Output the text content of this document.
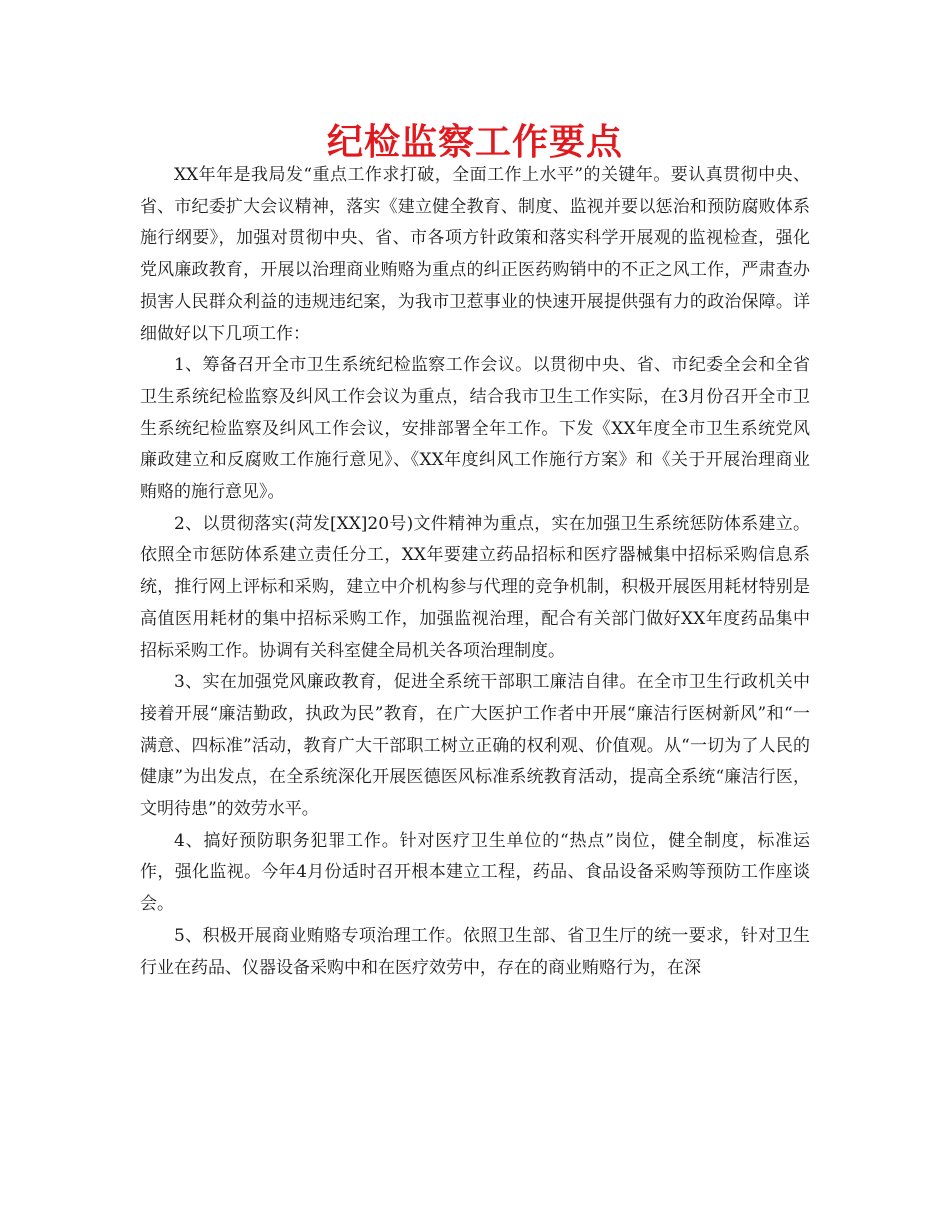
纪检监察工作要点

XX年年是我局发“重点工作求打破，全面工作上水平”的关键年。要认真贯彻中央、省、市纪委扩大会议精神，落实《建立健全教育、制度、监视并要以惩治和预防腐败体系施行纲要》，加强对贯彻中央、省、市各项方针政策和落实科学开展观的监视检查，强化党风廉政教育，开展以治理商业贿赂为重点的纠正医药购销中的不正之风工作，严肃查办损害人民群众利益的违规违纪案，为我市卫惹事业的快速开展提供强有力的政治保障。详细做好以下几项工作：

1、筹备召开全市卫生系统纪检监察工作会议。以贯彻中央、省、市纪委全会和全省卫生系统纪检监察及纠风工作会议为重点，结合我市卫生工作实际，在3月份召开全市卫生系统纪检监察及纠风工作会议，安排部署全年工作。下发《XX年度全市卫生系统党风廉政建立和反腐败工作施行意见》、《XX年度纠风工作施行方案》和《关于开展治理商业贿赂的施行意见》。

2、以贯彻落实(菏发[XX]20号)文件精神为重点，实在加强卫生系统惩防体系建立。依照全市惩防体系建立责任分工，XX年要建立药品招标和医疗器械集中招标采购信息系统，推行网上评标和采购，建立中介机构参与代理的竞争机制，积极开展医用耗材特别是高值医用耗材的集中招标采购工作，加强监视治理，配合有关部门做好XX年度药品集中招标采购工作。协调有关科室健全局机关各项治理制度。

3、实在加强党风廉政教育，促进全系统干部职工廉洁自律。在全市卫生行政机关中接着开展“廉洁勤政，执政为民”教育，在广大医护工作者中开展“廉洁行医树新风”和“一满意、四标准”活动，教育广大干部职工树立正确的权利观、价值观。从“一切为了人民的健康”为出发点，在全系统深化开展医德医风标准系统教育活动，提高全系统“廉洁行医，文明待患”的效劳水平。

4、搞好预防职务犯罪工作。针对医疗卫生单位的“热点”岗位，健全制度，标准运作，强化监视。今年4月份适时召开根本建立工程，药品、食品设备采购等预防工作座谈会。

5、积极开展商业贿赂专项治理工作。依照卫生部、省卫生厅的统一要求，针对卫生行业在药品、仪器设备采购中和在医疗效劳中，存在的商业贿赂行为，在深
